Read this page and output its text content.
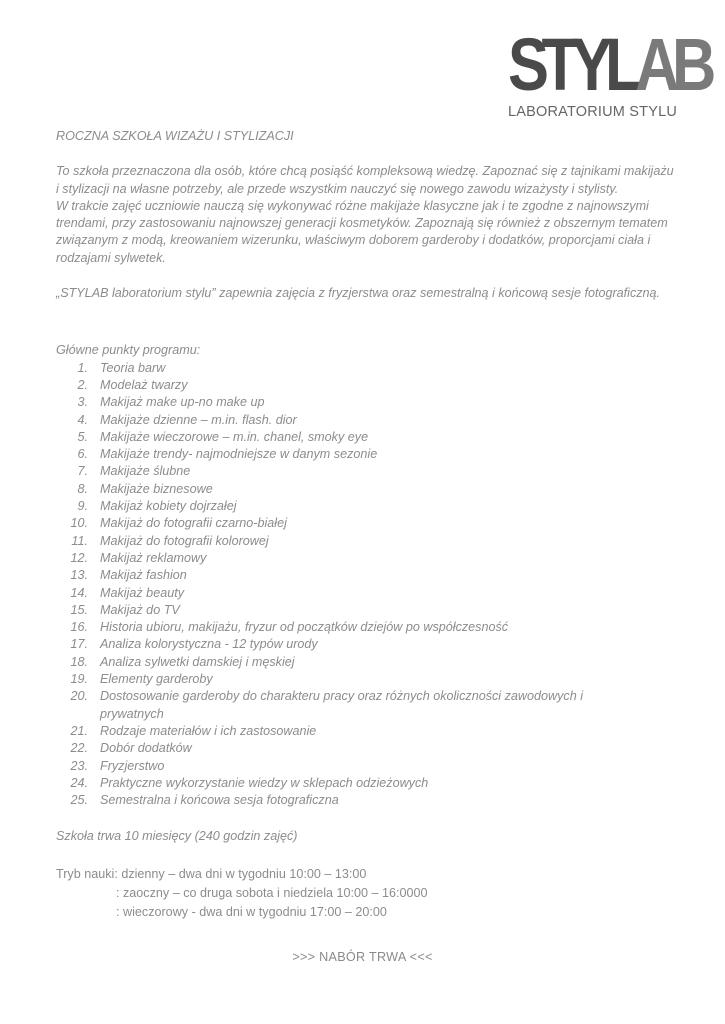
STYLAB
LABORATORIUM STYLU

ROCZNA SZKOŁA WIZAŻU I STYLIZACJI

To szkoła przeznaczona dla osób, które chcą posiąść kompleksową wiedzę. Zapoznać się z tajnikami makijażu i stylizacji na własne potrzeby, ale przede wszystkim nauczyć się nowego zawodu wizażysty i stylisty.

W trakcie zajęć uczniowie nauczą się wykonywać różne makijaże klasyczne jak i te zgodne z najnowszymi trendami, przy zastosowaniu najnowszej generacji kosmetyków. Zapoznają się również z obszernym tematem związanym z modą, kreowaniem wizerunku, właściwym doborem garderoby i dodatków, proporcjami ciała i rodzajami sylwetek.

„STYLAB laboratorium stylu” zapewnia zajęcia z fryzjerstwa oraz semestralną i końcową sesje fotograficzną.

Główne punkty programu:

1. Teoria barw
2. Modelaż twarzy
3. Makijaż make up-no make up
4. Makijaże dzienne – m.in. flash. dior
5. Makijaże wieczorowe – m.in. chanel, smoky eye
6. Makijaże trendy- najmodniejsze w danym sezonie
7. Makijaże ślubne
8. Makijaże biznesowe
9. Makijaż kobiety dojrzałej
10. Makijaż do fotografii czarno-białej
11. Makijaż do fotografii kolorowej
12. Makijaż reklamowy
13. Makijaż fashion
14. Makijaż beauty
15. Makijaż do TV
16. Historia ubioru, makijażu, fryzur od początków dziejów po współczesność
17. Analiza kolorystyczna - 12 typów urody
18. Analiza sylwetki damskiej i męskiej
19. Elementy garderoby
20. Dostosowanie garderoby do charakteru pracy oraz różnych okoliczności zawodowych i prywatnych
21. Rodzaje materiałów i ich zastosowanie
22. Dobór dodatków
23. Fryzjerstwo
24. Praktyczne wykorzystanie wiedzy w sklepach odzieżowych
25. Semestralna i końcowa sesja fotograficzna

Szkoła trwa 10 miesięcy (240 godzin zajęć)

Tryb nauki: dzienny – dwa dni w tygodniu 10:00 – 13:00
: zaoczny – co druga sobota i niedziela 10:00 – 16:0000
: wieczorowy - dwa dni w tygodniu 17:00 – 20:00
>>> NABÓR TRWA <<<
